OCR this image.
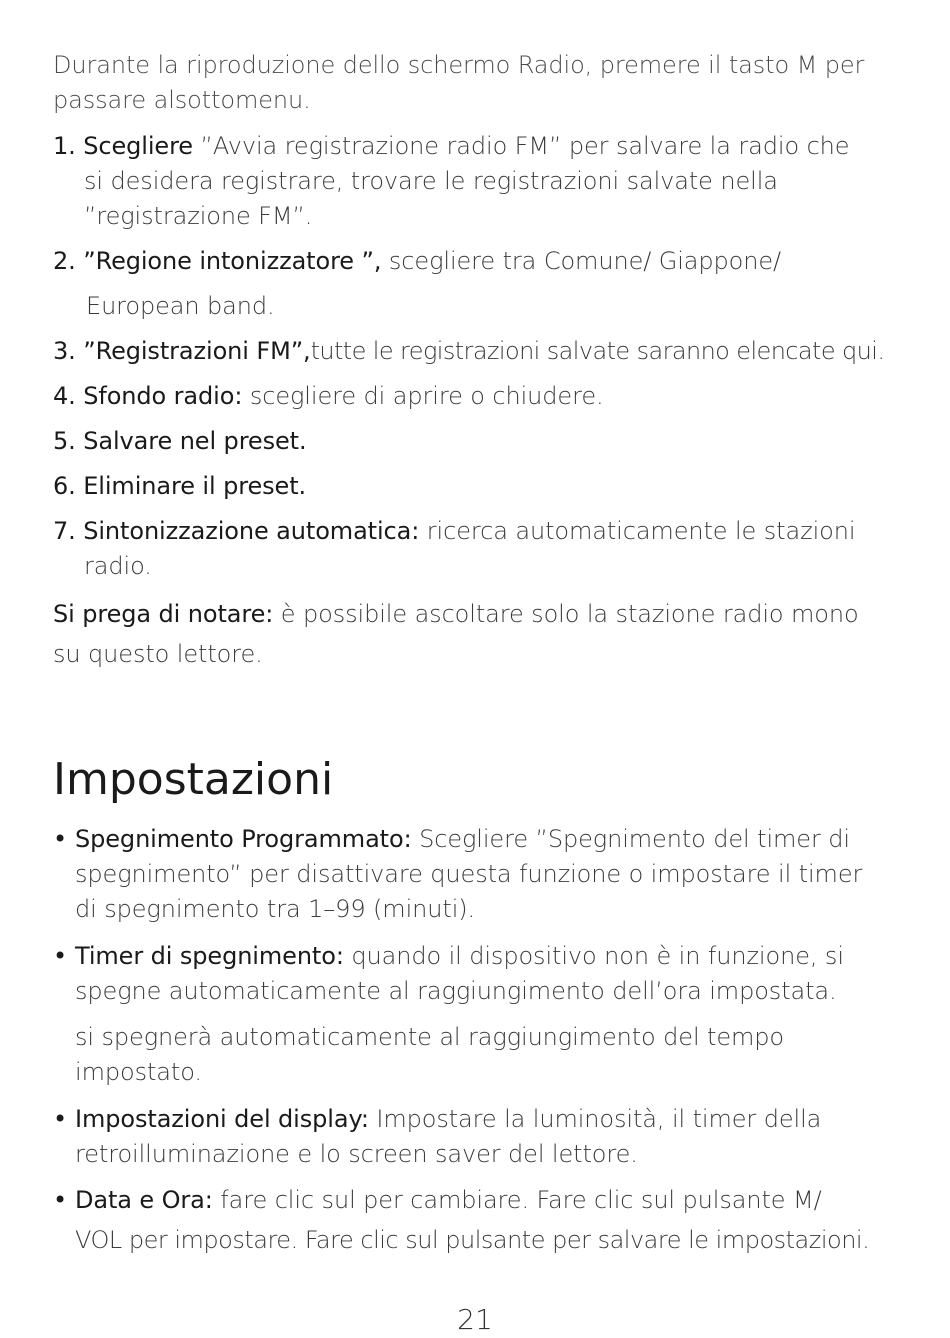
Durante la riproduzione dello schermo Radio, premere il tasto M per
passare alsottomenu.
1. Scegliere ”Avvia registrazione radio FM” per salvare la radio che
si desidera registrare, trovare le registrazioni salvate nella
”registrazione FM”.
2. ”Regione intonizzatore ”, scegliere tra Comune/ Giappone/
European band.
3. ”Registrazioni FM”,tutte le registrazioni salvate saranno elencate qui.
4. Sfondo radio: scegliere di aprire o chiudere.
5. Salvare nel preset.
6. Eliminare il preset.
7. Sintonizzazione automatica: ricerca automaticamente le stazioni
radio.
Si prega di notare: è possibile ascoltare solo la stazione radio mono
su questo lettore.
Impostazioni
• Spegnimento Programmato: Scegliere ”Spegnimento del timer di
spegnimento” per disattivare questa funzione o impostare il timer
di spegnimento tra 1–99 (minuti).
• Timer di spegnimento: quando il dispositivo non è in funzione, si
spegne automaticamente al raggiungimento dell’ora impostata.
si spegnerà automaticamente al raggiungimento del tempo
impostato.
• Impostazioni del display: Impostare la luminosità, il timer della
retroilluminazione e lo screen saver del lettore.
• Data e Ora: fare clic sul per cambiare. Fare clic sul pulsante M/
VOL per impostare. Fare clic sul pulsante per salvare le impostazioni.
21
